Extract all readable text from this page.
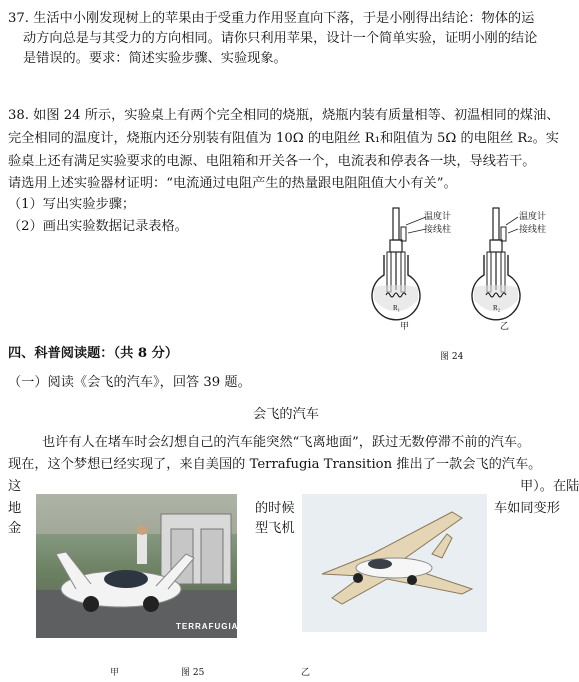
37. 生活中小刚发现树上的苹果由于受重力作用竖直向下落，于是小刚得出结论：物体的运
动方向总是与其受力的方向相同。请你只利用苹果，设计一个简单实验，证明小刚的结论
是错误的。要求：简述实验步骤、实验现象。
38. 如图 24 所示，实验桌上有两个完全相同的烧瓶，烧瓶内装有质量相等、初温相同的煤油、
完全相同的温度计，烧瓶内还分别装有阻值为 10Ω 的电阻丝 R₁和阻值为 5Ω 的电阻丝 R₂。实
验桌上还有满足实验要求的电源、电阻箱和开关各一个，电流表和停表各一块，导线若干。
请选用上述实验器材证明：“电流通过电阻产生的热量跟电阻阻值大小有关”。
（1）写出实验步骤；
（2）画出实验数据记录表格。
R₁
温度计
接线柱
甲
R₂
温度计
接线柱
乙
图 24
四、科普阅读题：（共 8 分）
（一）阅读《会飞的汽车》，回答 39 题。
会飞的汽车
也许有人在堵车时会幻想自己的汽车能突然“飞离地面”，跃过无数停滞不前的汽车。
现在，这个梦想已经实现了，来自美国的 Terrafugia Transition 推出了一款会飞的汽车。
这	甲）。在陆
地	的时候	车如同变形
金	型飞机
TERRAFUGIA
甲	图 25	乙
